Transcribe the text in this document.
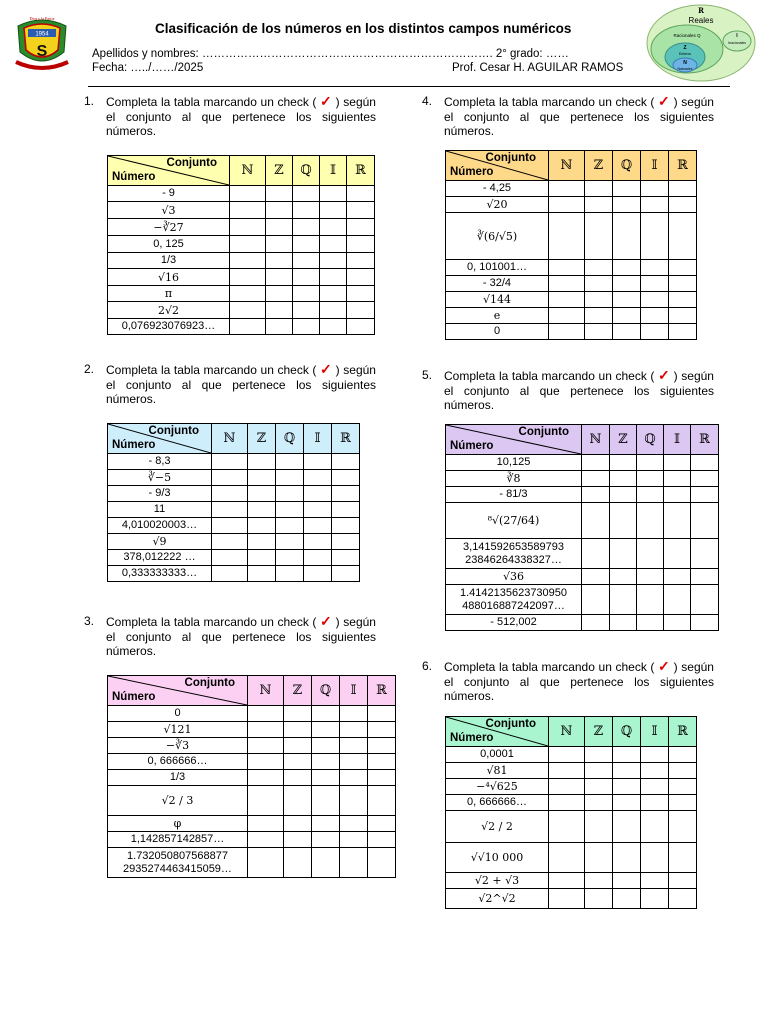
1954
S
Dios y la Patria
Clasificación de los números en los distintos campos numéricos
Apellidos y nombres: …………………………………………………………………. 2° grado: ……
Fecha: …../……/2025	Prof. Cesar H. AGUILAR RAMOS
R
Reales
Racionales Q	I
Irracionales
Z
Enteros
N
Naturales
1. Completa la tabla marcando un check ( ✓ ) según el conjunto al que pertenece los siguientes números.
Conjunto
Número	ℕ	ℤ	ℚ	𝕀	ℝ
- 9					
√3					
−∛27					
0, 125					
1/3					
√16					
π					
2√2					
0,076923076923…					
2. Completa la tabla marcando un check ( ✓ ) según el conjunto al que pertenece los siguientes números.
Conjunto
Número	ℕ	ℤ	ℚ	𝕀	ℝ
- 8,3					
∛−5					
- 9/3					
11					
4,010020003…					
√9					
378,012222 …					
0,333333333…					
3. Completa la tabla marcando un check ( ✓ ) según el conjunto al que pertenece los siguientes números.
Conjunto
Número	ℕ	ℤ	ℚ	𝕀	ℝ
0					
√121					
−∛3					
0, 666666…					
1/3					
√2 / 3					
φ					
1,142857142857…					
1.732050807568877 2935274463415059…					
4. Completa la tabla marcando un check ( ✓ ) según el conjunto al que pertenece los siguientes números.
Conjunto
Número	ℕ	ℤ	ℚ	𝕀	ℝ
- 4,25					
√20					
∛(6/√5)					
0, 101001…					
- 32/4					
√144					
e					
0					
5. Completa la tabla marcando un check ( ✓ ) según el conjunto al que pertenece los siguientes números.
Conjunto
Número	ℕ	ℤ	ℚ	𝕀	ℝ
10,125					
∛8					
- 81/3					
⁸√(27/64)					
3,141592653589793 23846264338327…					
√36					
1.4142135623730950 488016887242097…					
- 512,002					
6. Completa la tabla marcando un check ( ✓ ) según el conjunto al que pertenece los siguientes números.
Conjunto
Número	ℕ	ℤ	ℚ	𝕀	ℝ
0,0001					
√81					
−⁴√625					
0, 666666…					
√2 / 2					
√√10 000					
√2 + √3					
√2^√2					
